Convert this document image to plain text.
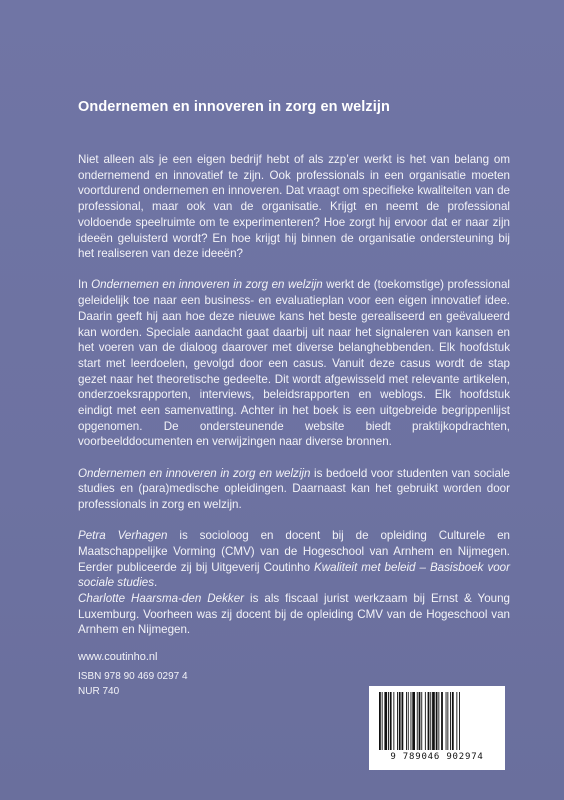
Ondernemen en innoveren in zorg en welzijn

Niet alleen als je een eigen bedrijf hebt of als zzp’er werkt is het van belang om ondernemend en innovatief te zijn. Ook professionals in een organisatie moeten voortdurend ondernemen en innoveren. Dat vraagt om specifieke kwaliteiten van de professional, maar ook van de organisatie. Krijgt en neemt de professional voldoende speelruimte om te experimenteren? Hoe zorgt hij ervoor dat er naar zijn ideeën geluisterd wordt? En hoe krijgt hij binnen de organisatie ondersteuning bij het realiseren van deze ideeën?

In Ondernemen en innoveren in zorg en welzijn werkt de (toekomstige) professional geleidelijk toe naar een business- en evaluatieplan voor een eigen innovatief idee. Daarin geeft hij aan hoe deze nieuwe kans het beste gerealiseerd en geëvalueerd kan worden. Speciale aandacht gaat daarbij uit naar het signaleren van kansen en het voeren van de dialoog daarover met diverse belanghebbenden. Elk hoofdstuk start met leerdoelen, gevolgd door een casus. Vanuit deze casus wordt de stap gezet naar het theoretische gedeelte. Dit wordt afgewisseld met relevante artikelen, onderzoeksrapporten, interviews, beleidsrapporten en weblogs. Elk hoofdstuk eindigt met een samenvatting. Achter in het boek is een uitgebreide begrippenlijst opgenomen. De ondersteunende website biedt praktijkopdrachten, voorbeelddocumenten en verwijzingen naar diverse bronnen.

Ondernemen en innoveren in zorg en welzijn is bedoeld voor studenten van sociale studies en (para)medische opleidingen. Daarnaast kan het gebruikt worden door professionals in zorg en welzijn.

Petra Verhagen is socioloog en docent bij de opleiding Culturele en Maatschappelijke Vorming (CMV) van de Hogeschool van Arnhem en Nijmegen. Eerder publiceerde zij bij Uitgeverij Coutinho Kwaliteit met beleid – Basisboek voor sociale studies.

Charlotte Haarsma-den Dekker is als fiscaal jurist werkzaam bij Ernst & Young Luxemburg. Voorheen was zij docent bij de opleiding CMV van de Hogeschool van Arnhem en Nijmegen.

www.coutinho.nl
ISBN 978 90 469 0297 4
NUR 740
9 789046 902974
